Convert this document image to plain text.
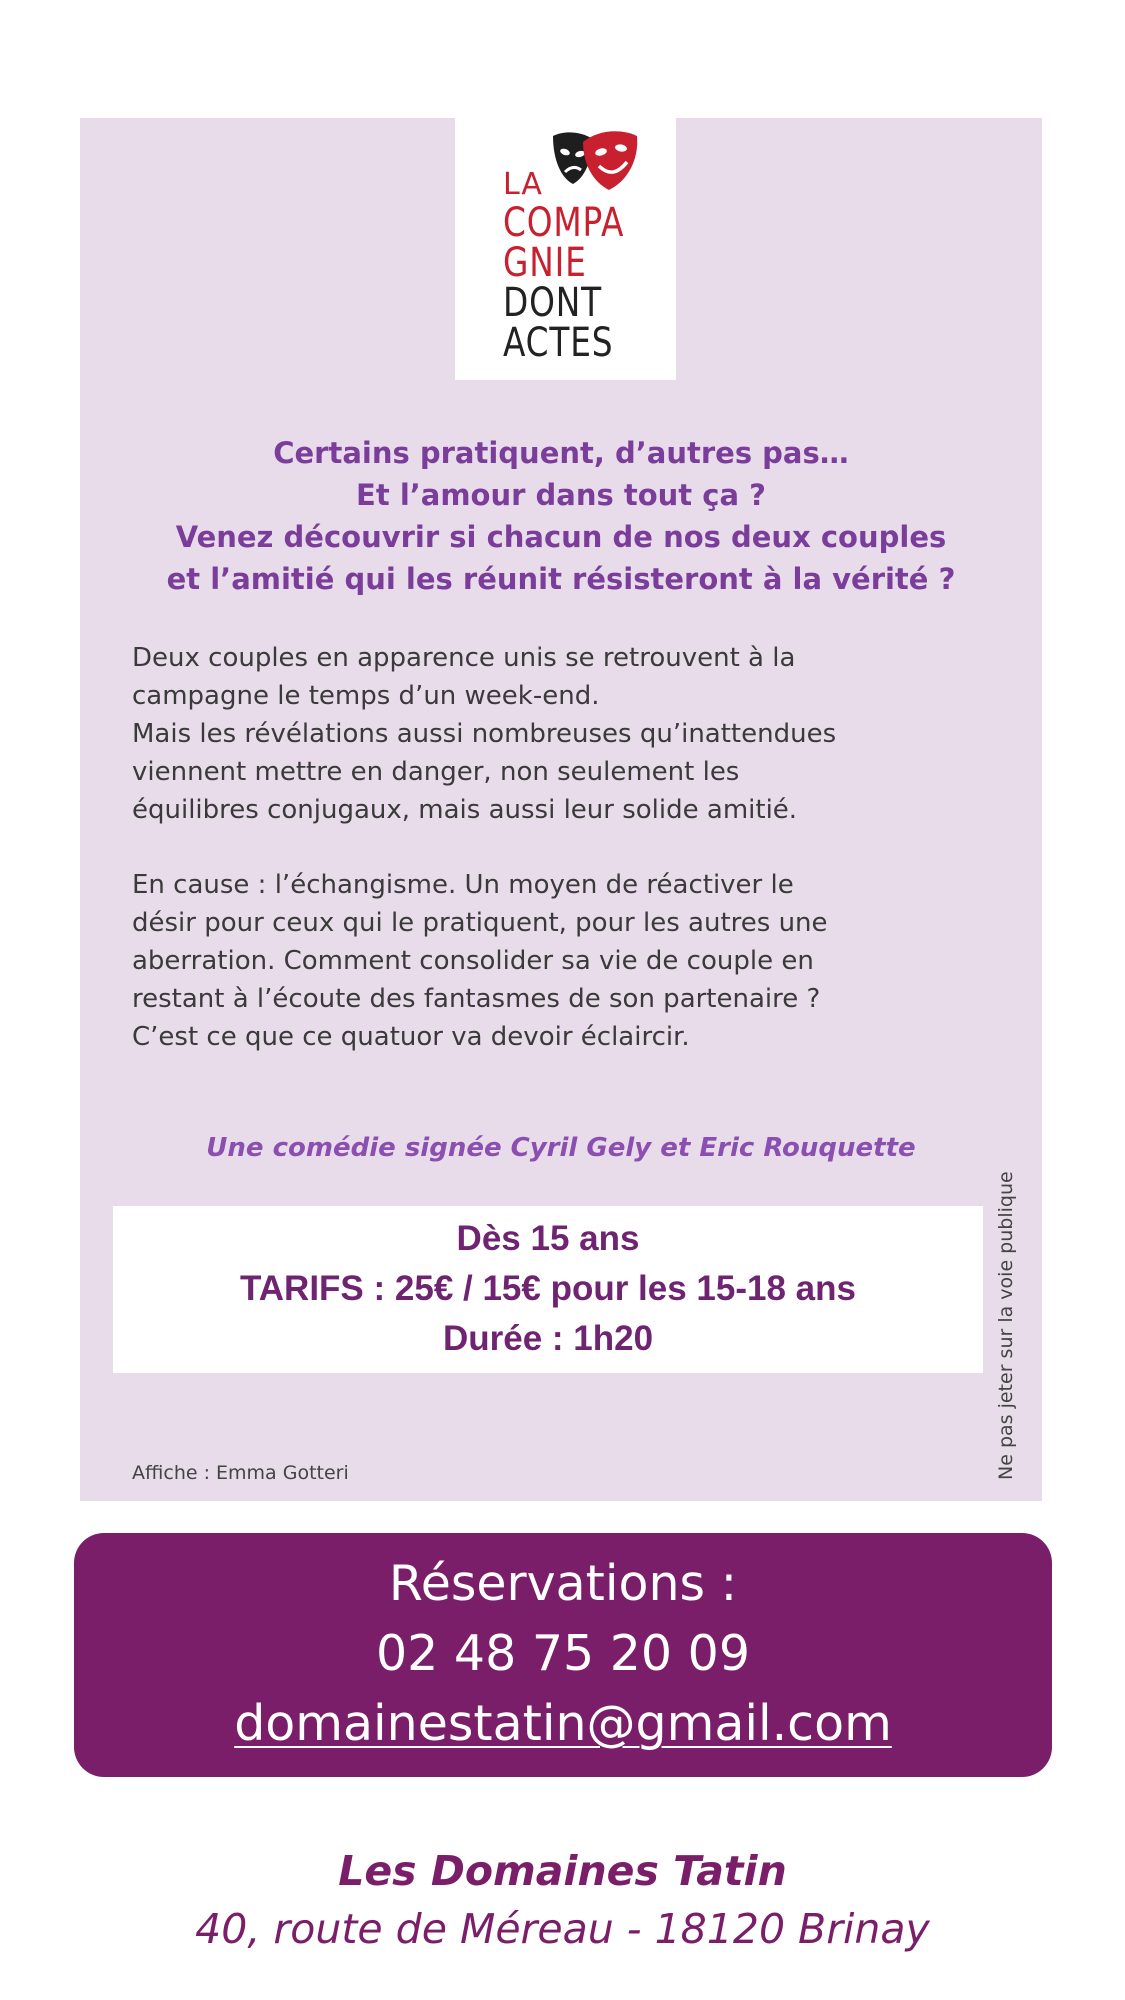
LA
COMPA
GNIE
DONT
ACTES
Certains pratiquent, d’autres pas…
Et l’amour dans tout ça ?
Venez découvrir si chacun de nos deux couples
et l’amitié qui les réunit résisteront à la vérité ?
Deux couples en apparence unis se retrouvent à la
campagne le temps d’un week-end.
Mais les révélations aussi nombreuses qu’inattendues
viennent mettre en danger, non seulement les
équilibres conjugaux, mais aussi leur solide amitié.
En cause : l’échangisme. Un moyen de réactiver le
désir pour ceux qui le pratiquent, pour les autres une
aberration. Comment consolider sa vie de couple en
restant à l’écoute des fantasmes de son partenaire ?
C’est ce que ce quatuor va devoir éclaircir.
Une comédie signée Cyril Gely et Eric Rouquette
Dès 15 ans
TARIFS : 25€ / 15€ pour les 15-18 ans
Durée : 1h20	Ne pas jeter sur la voie publique
Affiche : Emma Gotteri
Réservations :
02 48 75 20 09
domainestatin@gmail.com
Les Domaines Tatin
40, route de Méreau - 18120 Brinay
